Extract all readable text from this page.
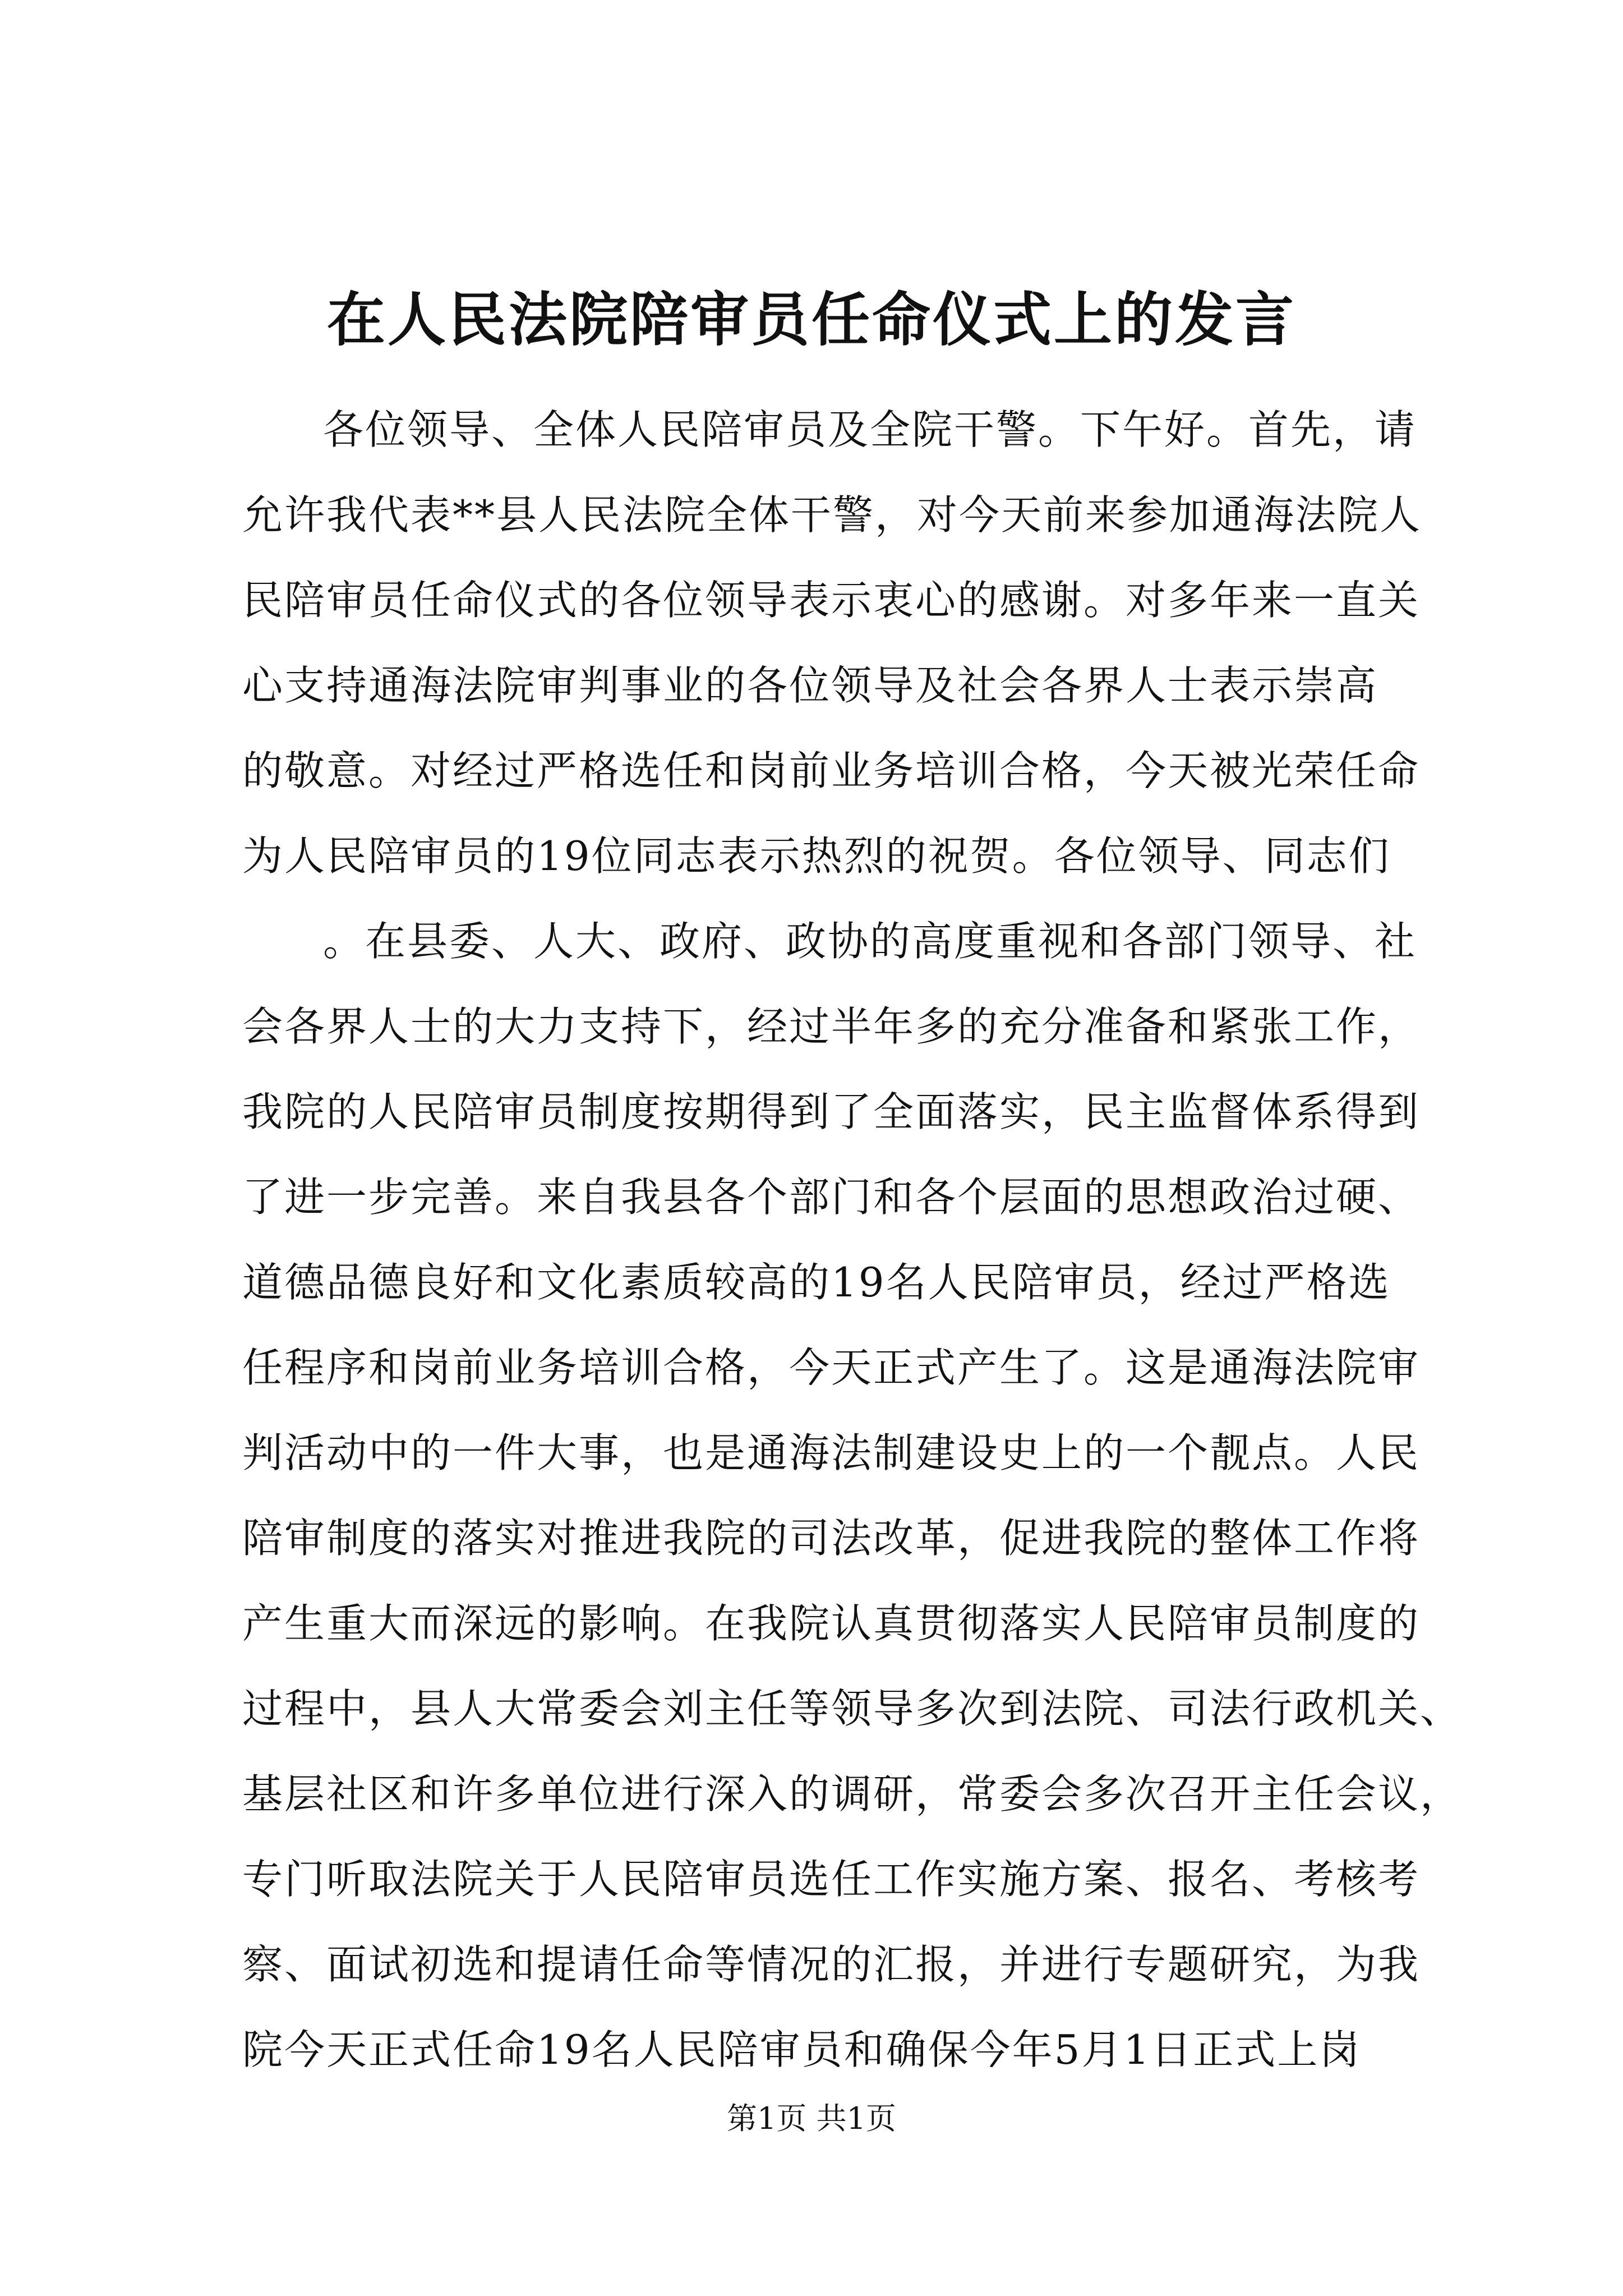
在人民法院陪审员任命仪式上的发言
各位领导、全体人民陪审员及全院干警。下午好。首先，请
允许我代表**县人民法院全体干警，对今天前来参加通海法院人
民陪审员任命仪式的各位领导表示衷心的感谢。对多年来一直关
心支持通海法院审判事业的各位领导及社会各界人士表示崇高
的敬意。对经过严格选任和岗前业务培训合格，今天被光荣任命
为人民陪审员的19位同志表示热烈的祝贺。各位领导、同志们
。在县委、人大、政府、政协的高度重视和各部门领导、社
会各界人士的大力支持下，经过半年多的充分准备和紧张工作，
我院的人民陪审员制度按期得到了全面落实，民主监督体系得到
了进一步完善。来自我县各个部门和各个层面的思想政治过硬、
道德品德良好和文化素质较高的19名人民陪审员，经过严格选
任程序和岗前业务培训合格，今天正式产生了。这是通海法院审
判活动中的一件大事，也是通海法制建设史上的一个靓点。人民
陪审制度的落实对推进我院的司法改革，促进我院的整体工作将
产生重大而深远的影响。在我院认真贯彻落实人民陪审员制度的
过程中，县人大常委会刘主任等领导多次到法院、司法行政机关、
基层社区和许多单位进行深入的调研，常委会多次召开主任会议，
专门听取法院关于人民陪审员选任工作实施方案、报名、考核考
察、面试初选和提请任命等情况的汇报，并进行专题研究，为我
院今天正式任命19名人民陪审员和确保今年5月1日正式上岗
第1页 共1页
